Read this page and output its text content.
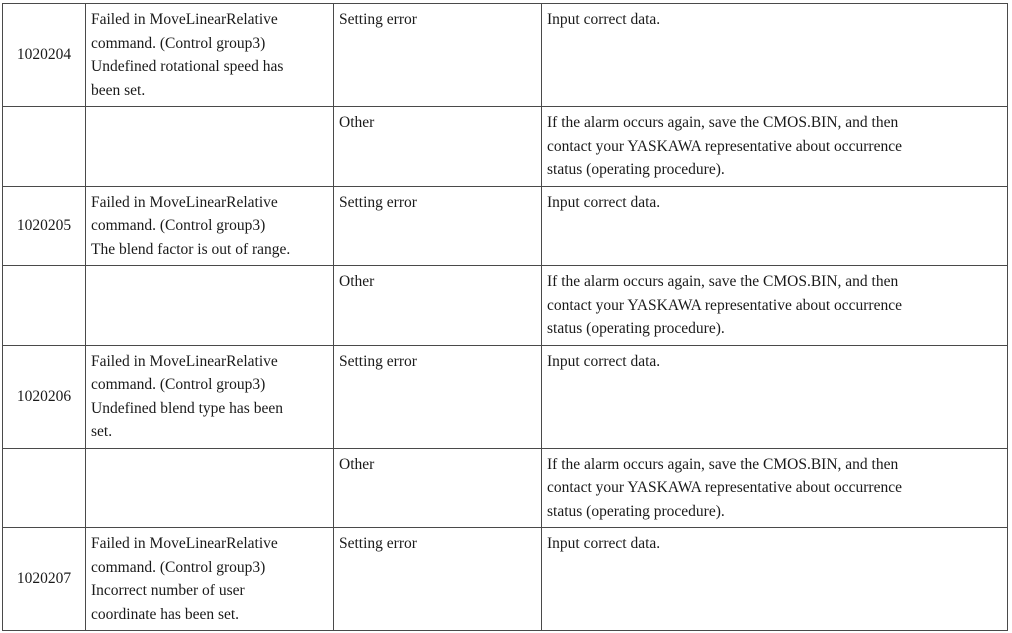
1020204	Failed in MoveLinearRelative
command. (Control group3)
Undefined rotational speed has
been set.	Setting error	Input correct data.

		Other	If the alarm occurs again, save the CMOS.BIN, and then
contact your YASKAWA representative about occurrence
status (operating procedure).

1020205	Failed in MoveLinearRelative
command. (Control group3)
The blend factor is out of range.	Setting error	Input correct data.

		Other	If the alarm occurs again, save the CMOS.BIN, and then
contact your YASKAWA representative about occurrence
status (operating procedure).

1020206	Failed in MoveLinearRelative
command. (Control group3)
Undefined blend type has been
set.	Setting error	Input correct data.

		Other	If the alarm occurs again, save the CMOS.BIN, and then
contact your YASKAWA representative about occurrence
status (operating procedure).

1020207	Failed in MoveLinearRelative
command. (Control group3)
Incorrect number of user
coordinate has been set.	Setting error	Input correct data.
